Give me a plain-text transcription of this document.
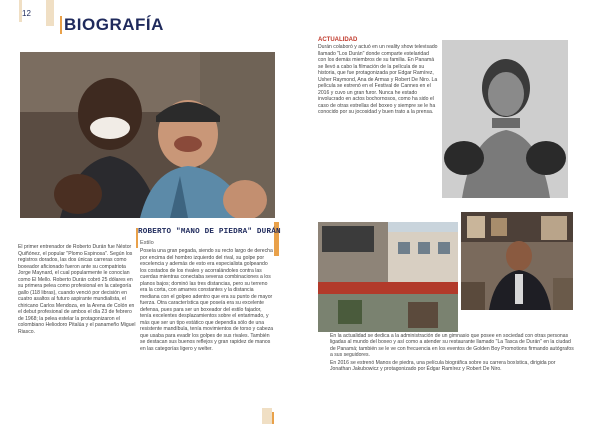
12
BIOGRAFÍA
El primer entrenador de Roberto Durán fue Néstor Quiñónez, el popular "Plomo Espinosa". Según los registros dorados, las dos únicas carreras como boxeador aficionado fueron ante su compatriota Jorge Maynard, el cual popularmente le conocían como El Mello. Roberto Durán cobró 25 dólares en su primera pelea como profesional en la categoría gallo (118 libras), cuando venció por decisión en cuatro asaltos al futuro aspirante mundialista, el chiricano Carlos Mendoza, en la Arena de Colón en el debut profesional de ambos el día 23 de febrero de 1968; la pelea estelar la protagonizaron el colombiano Heliodoro Pitalúa y el panameño Miguel Riasco.
ROBERTO "MANO DE PIEDRA" DURÁN
Estilo
Poseía una gran pegada, siendo su recto largo de derecha por encima del hombro izquierdo del rival, su golpe por excelencia y además de esto era especialista golpeando los costados de los rivales y acorralándoles contra las cuerdas mientras conectaba severas combinaciones a los planos bajos; dominó las tres distancias, pero su terreno era la corta, con amarres constantes y la distancia mediana con el golpeo adentro que era su punto de mayor fuerza. Otra característica que poseía era su excelente defensa, pues para ser un boxeador del estilo fajador, tenía excelentes desplazamientos sobre el entarimado, y más que ser un tipo estático que dependía sólo de una resistente mandíbula, tenía movimientos de torso y cabeza que usaba para evadir los golpes de sus rivales. También se destacan sus buenos reflejos y gran rapidez de manos en las categorías ligero y welter.
ACTUALIDAD
Durán colaboró y actuó en un reality show televisado llamado "Los Durán" donde comparte estelaridad con los demás miembros de su familia. En Panamá se llevó a cabo la filmación de la película de su historia, que fue protagonizada por Edgar Ramírez, Usher Raymond, Ana de Armas y Robert De Niro. La película se estrenó en el Festival de Cannes en el 2016 y cuvo un gran furor. Nunca he estado involucrado en actos bochornosos, como ha sido el caso de otras estrellas del boxeo y siempre se le ha conocido por su jocosidad y buen trato a la prensa.

En la actualidad se dedica a la administración de un gimnasio que posee en sociedad con otras personas ligadas al mundo del boxeo y así como a atender su restaurante llamado "La Tasca de Durán" en la ciudad de Panamá; también se le ve con frecuencia en los eventos de Golden Boy Promotions firmando autógrafos a sus seguidores.

En 2016 se estrenó Manos de piedra, una película biográfica sobre su carrera boxística, dirigida por Jonathan Jakubowicz y protagonizado por Édgar Ramírez y Robert De Niro.
